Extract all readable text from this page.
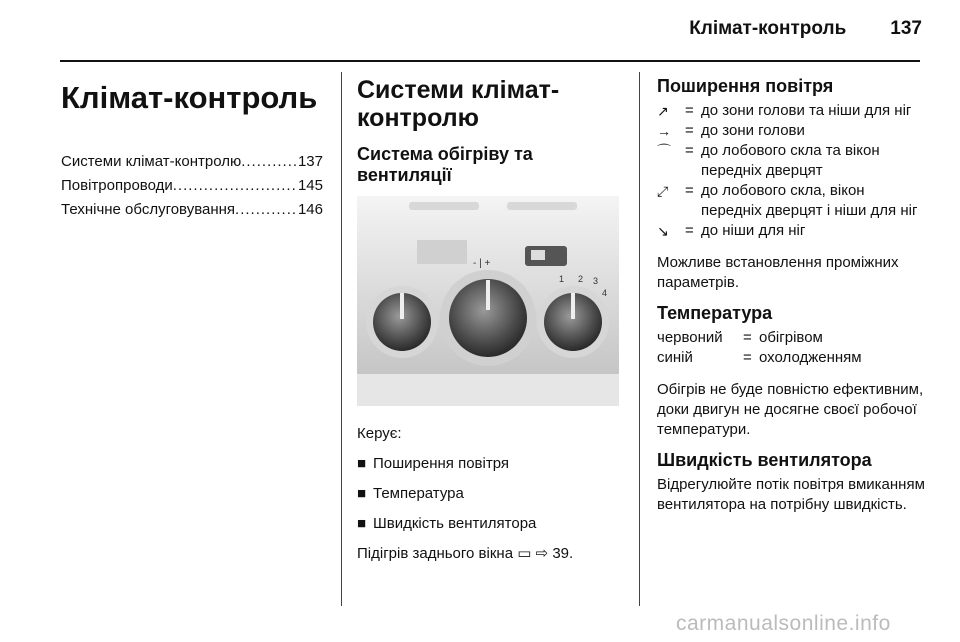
Клімат-контроль 137
Клімат-контроль
Системи клімат-контролю .....	137
Повітропроводи .....	145
Технічне обслуговування .....	146
Системи клімат-контролю
Система обігріву та вентиляції
- | +
1 2 3
4

Керує:

■ Поширення повітря
■ Температура
■ Швидкість вентилятора

Підігрів заднього вікна ▭ ⇨ 39.

Поширення повітря
↗	= до зони голови та ніши для ніг
→ = до зони голови
⌒ = до лобового скла та вікон передніх дверцят
⤢	= до лобового скла, вікон передніх дверцят і ніши для ніг
↘	= до ніши для ніг

Можливе встановлення проміжних параметрів.

Температура
червоний	= обігрівом
синій	= охолодженням

Обігрів не буде повністю ефективним, доки двигун не досягне своєї робочої температури.

Швидкість вентилятора

Відрегулюйте потік повітря вмиканням вентилятора на потрібну швидкість.

carmanualsonline.info
